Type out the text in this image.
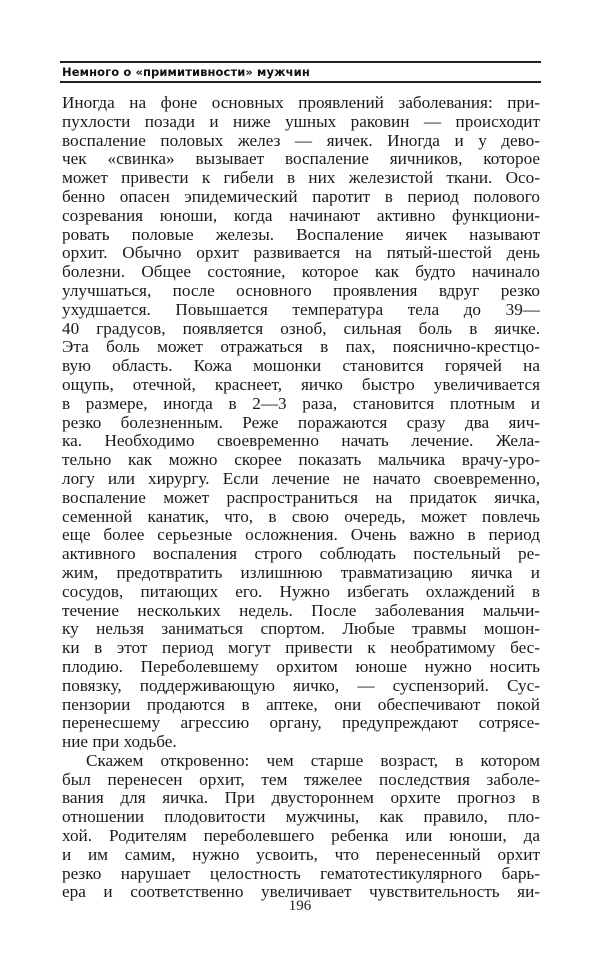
Немного о «примитивности» мужчин
Иногда на фоне основных проявлений заболевания: при-
пухлости позади и ниже ушных раковин — происходит
воспаление половых желез — яичек. Иногда и у дево-
чек «свинка» вызывает воспаление яичников, которое
может привести к гибели в них железистой ткани. Осо-
бенно опасен эпидемический паротит в период полового
созревания юноши, когда начинают активно функциони-
ровать половые железы. Воспаление яичек называют
орхит. Обычно орхит развивается на пятый-шестой день
болезни. Общее состояние, которое как будто начинало
улучшаться, после основного проявления вдруг резко
ухудшается. Повышается температура тела до 39—
40 градусов, появляется озноб, сильная боль в яичке.
Эта боль может отражаться в пах, пояснично-крестцо-
вую область. Кожа мошонки становится горячей на
ощупь, отечной, краснеет, яичко быстро увеличивается
в размере, иногда в 2—3 раза, становится плотным и
резко болезненным. Реже поражаются сразу два яич-
ка. Необходимо своевременно начать лечение. Жела-
тельно как можно скорее показать мальчика врачу-уро-
логу или хирургу. Если лечение не начато своевременно,
воспаление может распространиться на придаток яичка,
семенной канатик, что, в свою очередь, может повлечь
еще более серьезные осложнения. Очень важно в период
активного воспаления строго соблюдать постельный ре-
жим, предотвратить излишнюю травматизацию яичка и
сосудов, питающих его. Нужно избегать охлаждений в
течение нескольких недель. После заболевания мальчи-
ку нельзя заниматься спортом. Любые травмы мошон-
ки в этот период могут привести к необратимому бес-
плодию. Переболевшему орхитом юноше нужно носить
повязку, поддерживающую яичко, — суспензорий. Сус-
пензории продаются в аптеке, они обеспечивают покой
перенесшему агрессию органу, предупреждают сотрясе-
ние при ходьбе.
Скажем откровенно: чем старше возраст, в котором
был перенесен орхит, тем тяжелее последствия заболе-
вания для яичка. При двустороннем орхите прогноз в
отношении плодовитости мужчины, как правило, пло-
хой. Родителям переболевшего ребенка или юноши, да
и им самим, нужно усвоить, что перенесенный орхит
резко нарушает целостность гематотестикулярного барь-
ера и соответственно увеличивает чувствительность яи-
196
